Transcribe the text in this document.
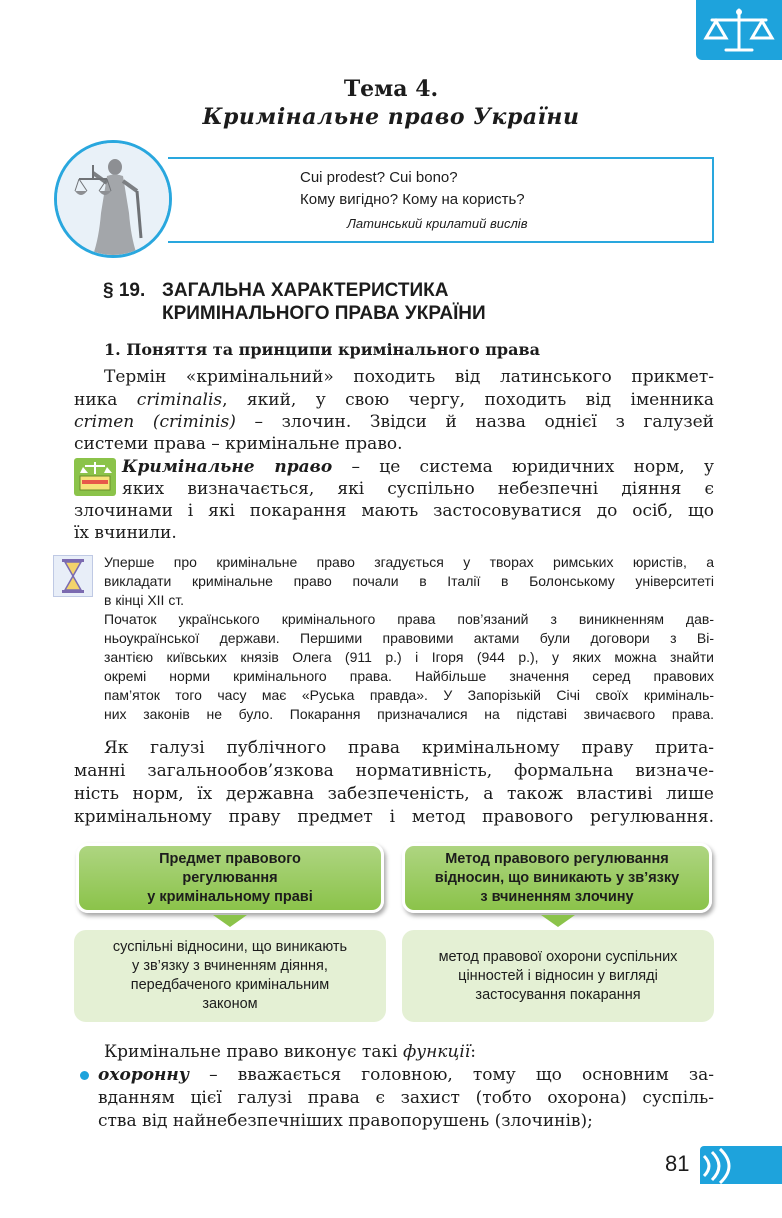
Тема 4.
Кримінальне право України
Cui prodest? Cui bono?
Кому вигідно? Кому на користь?
Латинський крилатий вислів
§ 19. ЗАГАЛЬНА ХАРАКТЕРИСТИКА
КРИМІНАЛЬНОГО ПРАВА УКРАЇНИ
1. Поняття та принципи кримінального права
Термін «кримінальний» походить від латинського прикмет-
ника criminalis, який, у свою чергу, походить від іменника
crimen (criminis) – злочин. Звідси й назва однієї з галузей
системи права – кримінальне право.
Кримінальне право – це система юридичних норм, у
яких визначається, які суспільно небезпечні діяння є
злочинами і які покарання мають застосовуватися до осіб, що
їх вчинили.
Уперше про кримінальне право згадується у творах римських юристів, а
викладати кримінальне право почали в Італії в Болонському університеті
в кінці XII ст.
Початок українського кримінального права пов’язаний з виникненням дав-
ньоукраїнської держави. Першими правовими актами були договори з Ві-
зантією київських князів Олега (911 р.) і Ігоря (944 р.), у яких можна знайти
окремі норми кримінального права. Найбільше значення серед правових
пам’яток того часу має «Руська правда». У Запорізькій Січі своїх криміналь-
них законів не було. Покарання призначалися на підставі звичаєвого права.
Як галузі публічного права кримінальному праву прита-
манні загальнообов’язкова нормативність, формальна визначе-
ність норм, їх державна забезпеченість, а також властиві лише
кримінальному праву предмет і метод правового регулювання.
Предмет правового
регулювання
у кримінальному праві
суспільні відносини, що виникають
у зв’язку з вчиненням діяння,
передбаченого кримінальним
законом
Метод правового регулювання
відносин, що виникають у зв’язку
з вчиненням злочину
метод правової охорони суспільних
цінностей і відносин у вигляді
застосування покарання
Кримінальне право виконує такі функції:
охоронну – вважається головною, тому що основним за-
вданням цієї галузі права є захист (тобто охорона) суспіль-
ства від найнебезпечніших правопорушень (злочинів);
81
